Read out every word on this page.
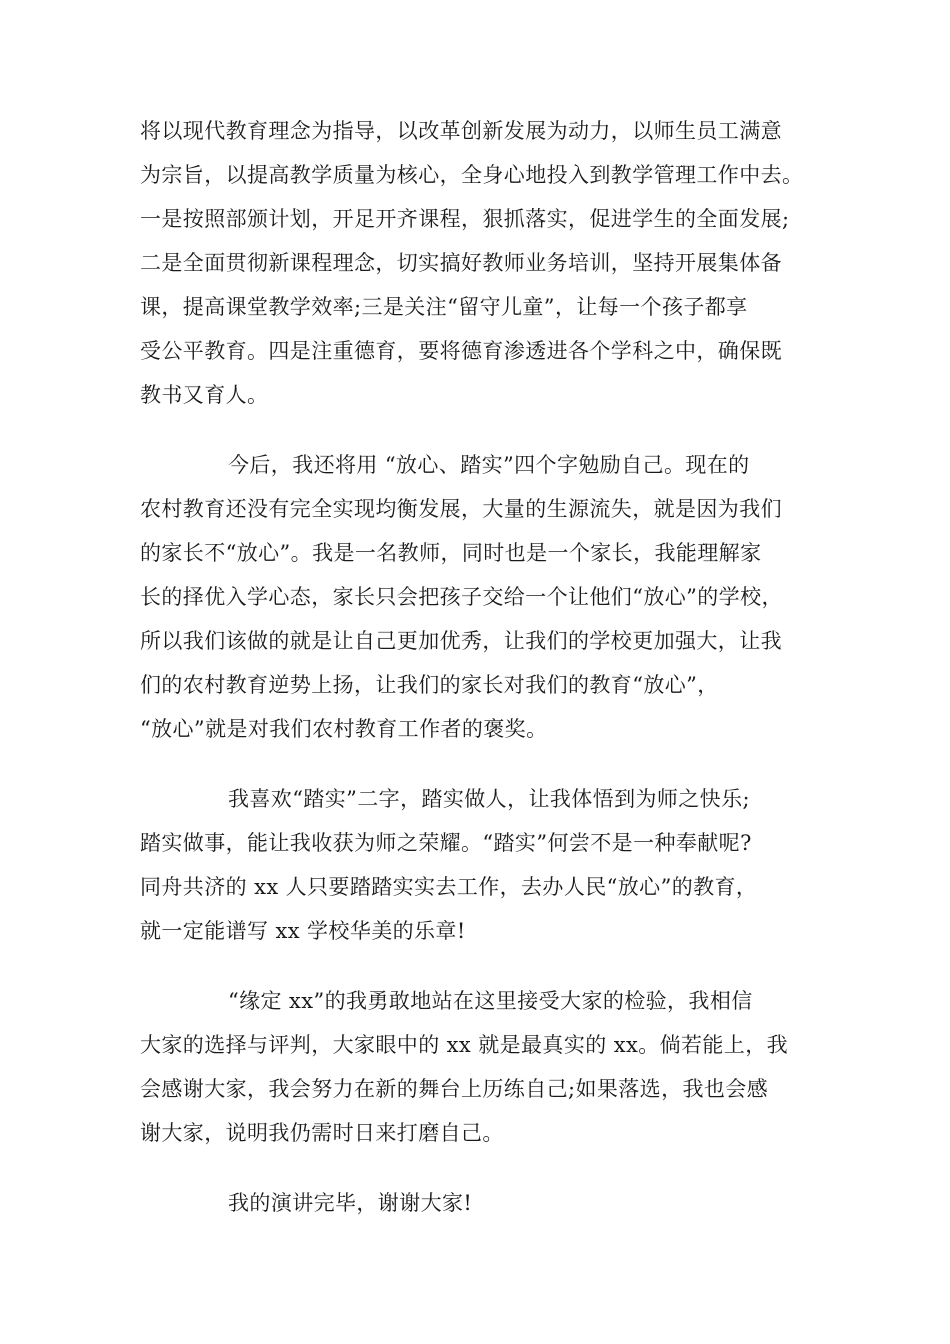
将以现代教育理念为指导，以改革创新发展为动力，以师生员工满意
为宗旨，以提高教学质量为核心，全身心地投入到教学管理工作中去。
一是按照部颁计划，开足开齐课程，狠抓落实，促进学生的全面发展;
二是全面贯彻新课程理念，切实搞好教师业务培训，坚持开展集体备
课，提高课堂教学效率;三是关注“留守儿童”，让每一个孩子都享
受公平教育。四是注重德育，要将德育渗透进各个学科之中，确保既
教书又育人。
今后，我还将用 “放心、踏实”四个字勉励自己。现在的
农村教育还没有完全实现均衡发展，大量的生源流失，就是因为我们
的家长不“放心”。我是一名教师，同时也是一个家长，我能理解家
长的择优入学心态，家长只会把孩子交给一个让他们“放心”的学校，
所以我们该做的就是让自己更加优秀，让我们的学校更加强大，让我
们的农村教育逆势上扬，让我们的家长对我们的教育“放心”，
“放心”就是对我们农村教育工作者的褒奖。
我喜欢“踏实”二字，踏实做人，让我体悟到为师之快乐;
踏实做事，能让我收获为师之荣耀。“踏实”何尝不是一种奉献呢?
同舟共济的 xx 人只要踏踏实实去工作，去办人民“放心”的教育，
就一定能谱写 xx 学校华美的乐章!
“缘定 xx”的我勇敢地站在这里接受大家的检验，我相信
大家的选择与评判，大家眼中的 xx 就是最真实的 xx。倘若能上，我
会感谢大家，我会努力在新的舞台上历练自己;如果落选，我也会感
谢大家，说明我仍需时日来打磨自己。
我的演讲完毕，谢谢大家!
